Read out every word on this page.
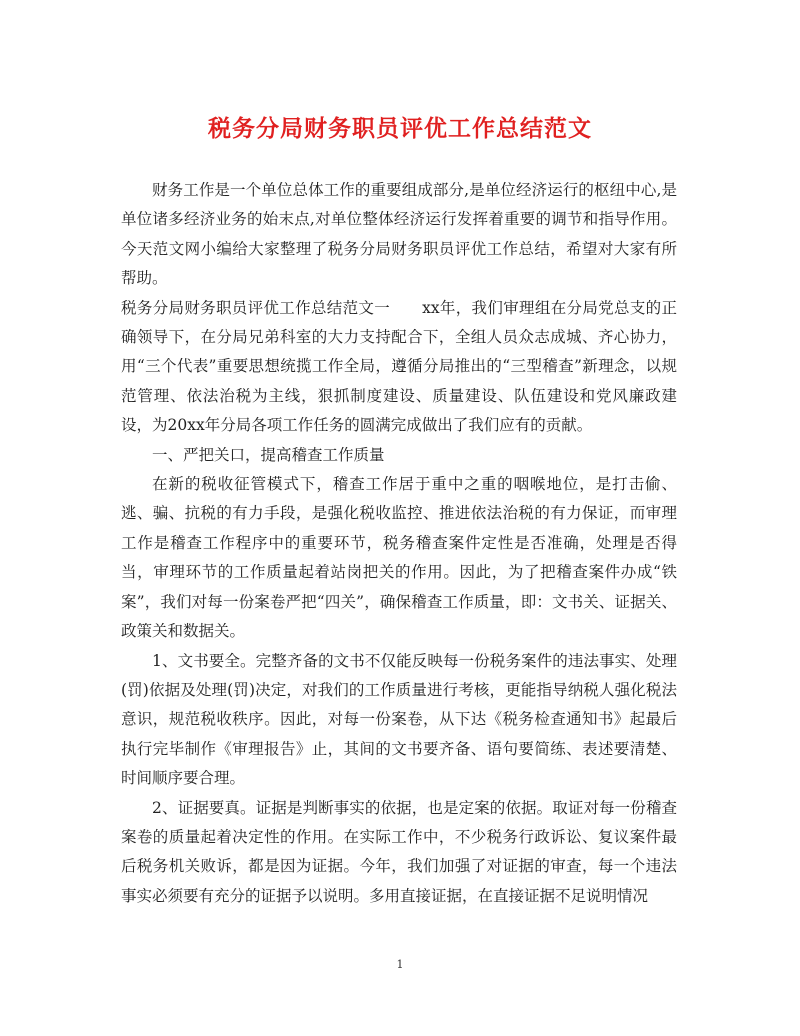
税务分局财务职员评优工作总结范文

财务工作是一个单位总体工作的重要组成部分,是单位经济运行的枢纽中心,是单位诸多经济业务的始末点,对单位整体经济运行发挥着重要的调节和指导作用。今天范文网小编给大家整理了税务分局财务职员评优工作总结，希望对大家有所帮助。

税务分局财务职员评优工作总结范文一 xx年，我们审理组在分局党总支的正确领导下，在分局兄弟科室的大力支持配合下，全组人员众志成城、齐心协力，用“三个代表”重要思想统揽工作全局，遵循分局推出的“三型稽查”新理念，以规范管理、依法治税为主线，狠抓制度建设、质量建设、队伍建设和党风廉政建设，为20xx年分局各项工作任务的圆满完成做出了我们应有的贡献。

一、严把关口，提高稽查工作质量

在新的税收征管模式下，稽查工作居于重中之重的咽喉地位，是打击偷、逃、骗、抗税的有力手段，是强化税收监控、推进依法治税的有力保证，而审理工作是稽查工作程序中的重要环节，税务稽查案件定性是否准确，处理是否得当，审理环节的工作质量起着站岗把关的作用。因此，为了把稽查案件办成“铁案”，我们对每一份案卷严把“四关”，确保稽查工作质量，即：文书关、证据关、政策关和数据关。

1、文书要全。完整齐备的文书不仅能反映每一份税务案件的违法事实、处理(罚)依据及处理(罚)决定，对我们的工作质量进行考核，更能指导纳税人强化税法意识，规范税收秩序。因此，对每一份案卷，从下达《税务检查通知书》起最后执行完毕制作《审理报告》止，其间的文书要齐备、语句要简练、表述要清楚、时间顺序要合理。

2、证据要真。证据是判断事实的依据，也是定案的依据。取证对每一份稽查案卷的质量起着决定性的作用。在实际工作中，不少税务行政诉讼、复议案件最后税务机关败诉，都是因为证据。今年，我们加强了对证据的审查，每一个违法事实必须要有充分的证据予以说明。多用直接证据，在直接证据不足说明情况

1
